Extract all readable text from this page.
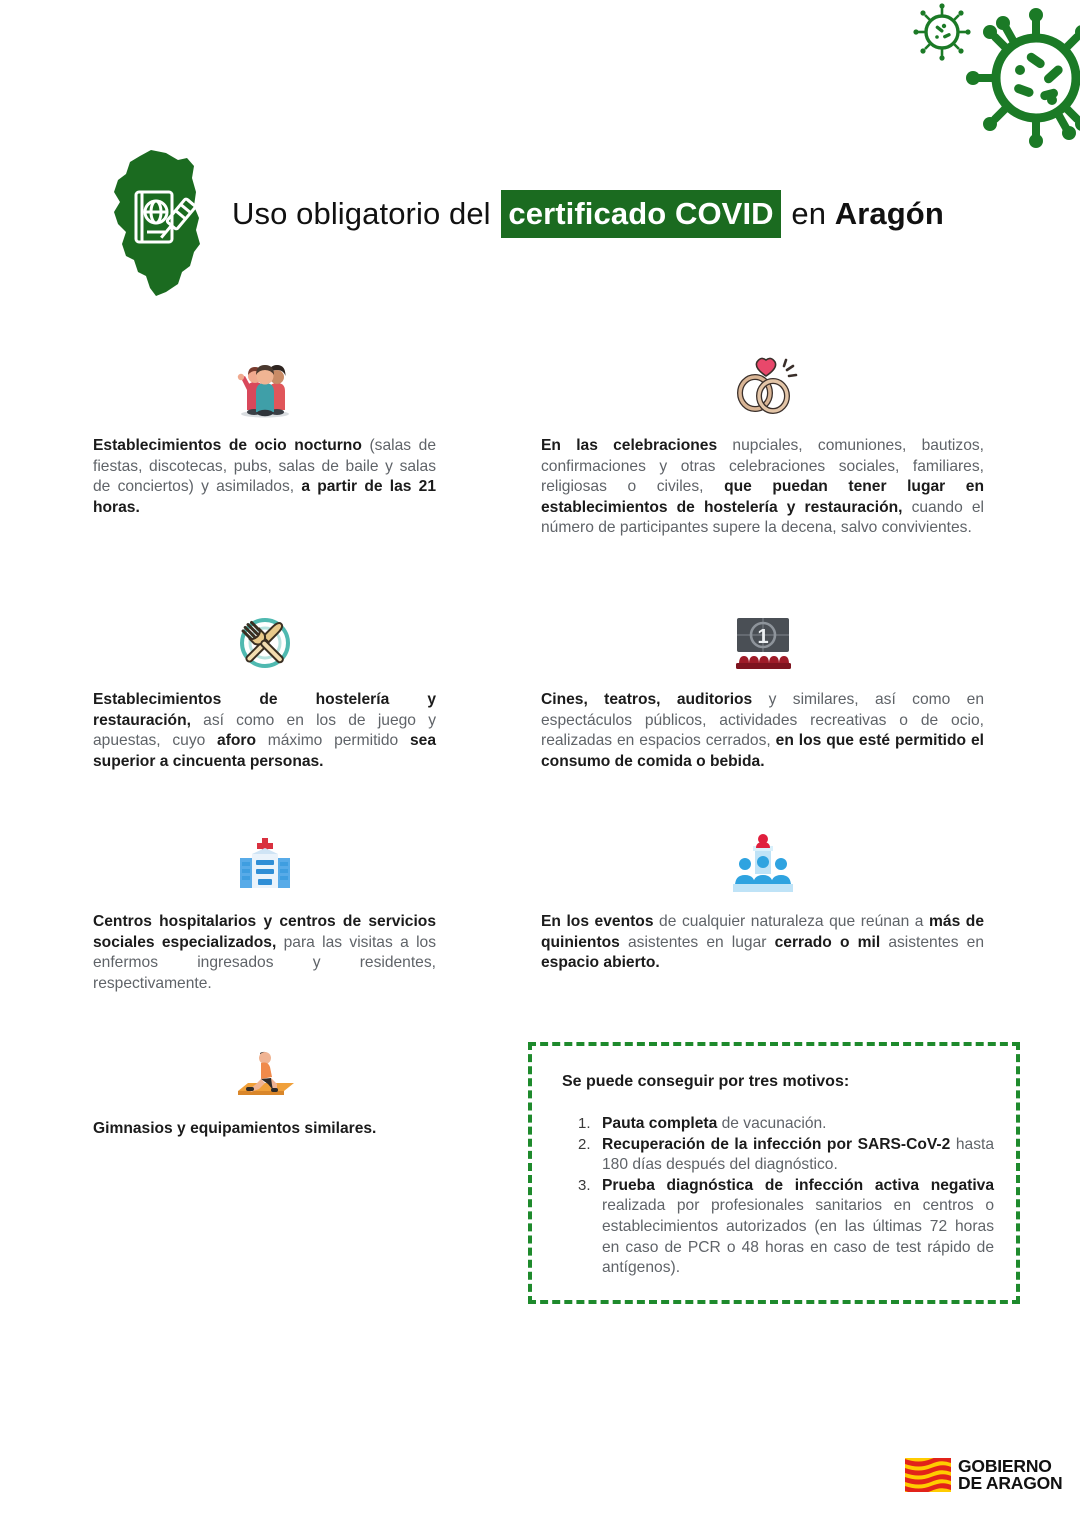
Uso obligatorio del certificado COVID en Aragón
Establecimientos de ocio nocturno (salas de fiestas, discotecas, pubs, salas de baile y salas de conciertos) y asimilados, a partir de las 21 horas.
Establecimientos de hostelería y restauración, así como en los de juego y apuestas, cuyo aforo máximo permitido sea superior a cincuenta personas.
Centros hospitalarios y centros de servicios sociales especializados, para las visitas a los enfermos ingresados y residentes, respectivamente.
Gimnasios y equipamientos similares.
En las celebraciones nupciales, comuniones, bautizos, confirmaciones y otras celebraciones sociales, familiares, religiosas o civiles, que puedan tener lugar en establecimientos de hostelería y restauración, cuando el número de participantes supere la decena, salvo convivientes.
1
Cines, teatros, auditorios y similares, así como en espectáculos públicos, actividades recreativas o de ocio, realizadas en espacios cerrados, en los que esté permitido el consumo de comida o bebida.
En los eventos de cualquier naturaleza que reúnan a más de quinientos asistentes en lugar cerrado o mil asistentes en espacio abierto.
Se puede conseguir por tres motivos:
1. Pauta completa de vacunación.
2. Recuperación de la infección por SARS-CoV-2 hasta 180 días después del diagnóstico.
3. Prueba diagnóstica de infección activa negativa realizada por profesionales sanitarios en centros o establecimientos autorizados (en las últimas 72 horas en caso de PCR o 48 horas en caso de test rápido de antígenos).
GOBIERNO
DE ARAGON
